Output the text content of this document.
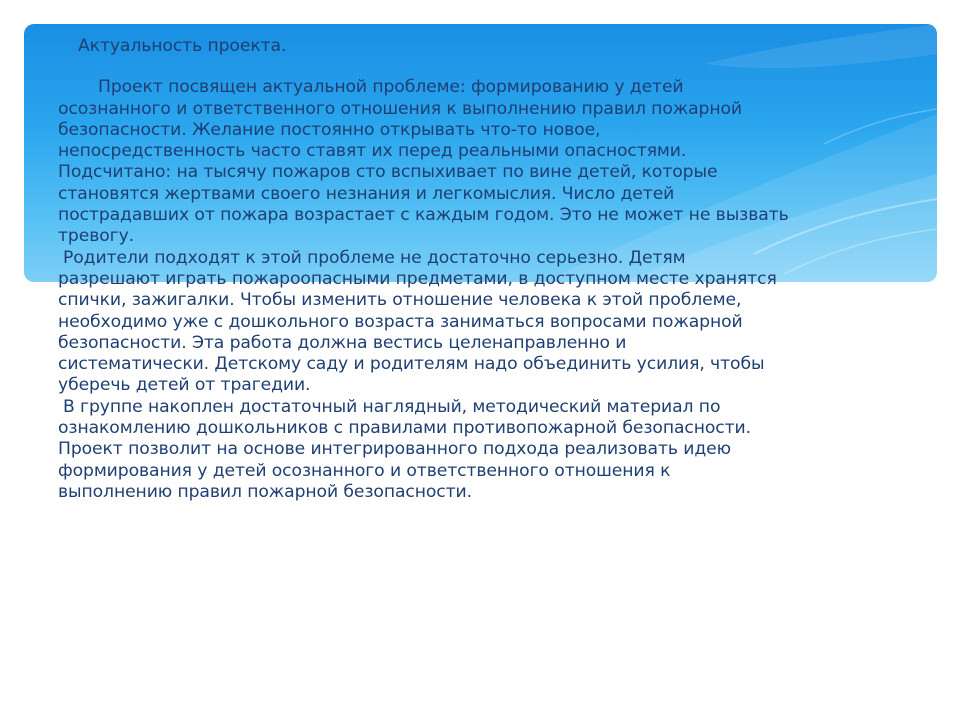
Актуальность проекта.

Проект посвящен актуальной проблеме: формированию у детей
осознанного и ответственного отношения к выполнению правил пожарной
безопасности. Желание постоянно открывать что-то новое,
непосредственность часто ставят их перед реальными опасностями.
Подсчитано: на тысячу пожаров сто вспыхивает по вине детей, которые
становятся жертвами своего незнания и легкомыслия. Число детей
пострадавших от пожара возрастает с каждым годом. Это не может не вызвать
тревогу.

Родители подходят к этой проблеме не достаточно серьезно. Детям
разрешают играть пожароопасными предметами, в доступном месте хранятся
спички, зажигалки. Чтобы изменить отношение человека к этой проблеме,
необходимо уже с дошкольного возраста заниматься вопросами пожарной
безопасности. Эта работа должна вестись целенаправленно и
систематически. Детскому саду и родителям надо объединить усилия, чтобы
уберечь детей от трагедии.

В группе накоплен достаточный наглядный, методический материал по
ознакомлению дошкольников с правилами противопожарной безопасности.
Проект позволит на основе интегрированного подхода реализовать идею
формирования у детей осознанного и ответственного отношения к
выполнению правил пожарной безопасности.
